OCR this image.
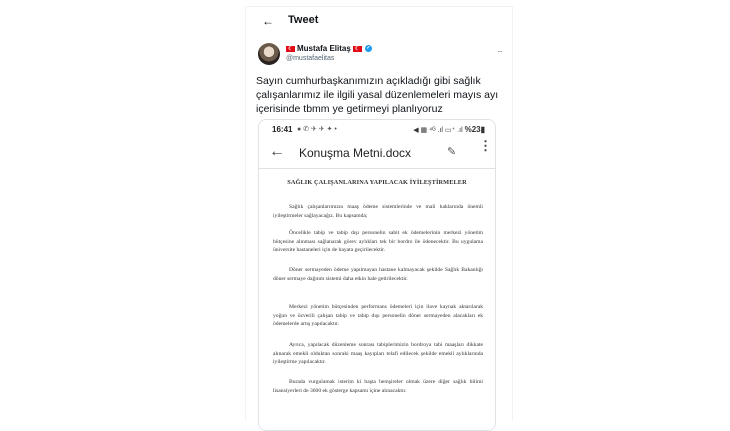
← Tweet
☾ Mustafa Elitaş ☾	✓
@mustafaelitas
···
Sayın cumhurbaşkanımızın açıkladığı gibi sağlık çalışanlarımız ile ilgili yasal düzenlemeleri mayıs ayı içerisinde tbmm ye getirmeyi planlıyoruz
16:41 ● ✆ ✈ ✈ ✦ •	◀ ▦ ⁴ᴳ .ıl ▭⁺ .ıl %23▮
← Konuşma Metni.docx	✎ ⋮
SAĞLIK ÇALIŞANLARINA YAPILACAK İYİLEŞTİRMELER
Sağlık çalışanlarımızın maaş ödeme sistemlerinde ve mali haklarında önemli iyileştirmeler sağlayacağız. Bu kapsamda;
Öncelikle tabip ve tabip dışı personelin sabit ek ödemelerinin merkezi yönetim bütçesine alınması sağlanarak görev aylıkları tek bir bordro ile ödenecektir. Bu uygulama üniversite hastaneleri için de hayata geçirilecektir.
Döner sermayeden ödeme yapılmayan hastane kalmayacak şekilde Sağlık Bakanlığı döner sermaye dağıtım sistemi daha etkin hale getirilecektir.
Merkezi yönetim bütçesinden performans ödemeleri için ilave kaynak aktarılarak yoğun ve özverili çalışan tabip ve tabip dışı personelin döner sermayeden alacakları ek ödemelerde artış yapılacaktır.
Ayrıca, yapılacak düzenleme sonrası tabiplerimizin bordroya tabi maaşları dikkate alınarak emekli olduktan sonraki maaş kayıpları telafi edilecek şekilde emekli aylıklarında iyileştirme yapılacaktır.
Burada vurgulamak isterim ki başta hemşireler olmak üzere diğer sağlık bilimi lisansiyerleri de 3600 ek gösterge kapsamı içine alınacaktır.
